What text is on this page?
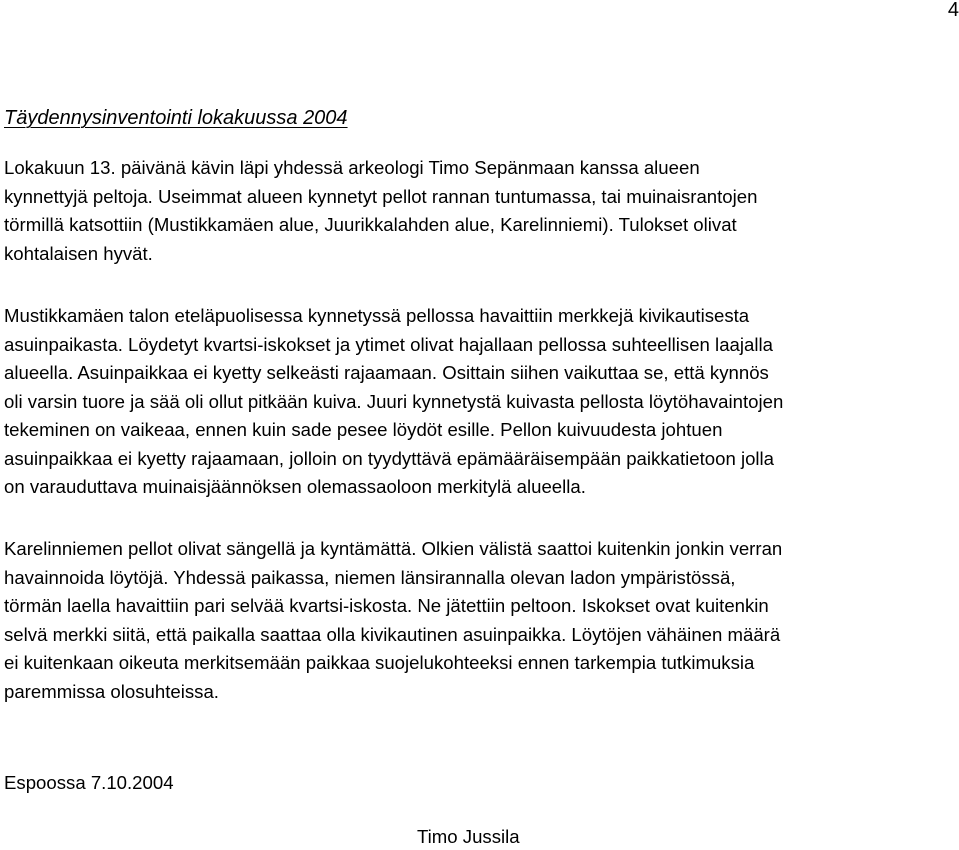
4
Täydennysinventointi lokakuussa 2004

Lokakuun 13. päivänä kävin läpi yhdessä arkeologi Timo Sepänmaan kanssa alueen
kynnettyjä peltoja. Useimmat alueen kynnetyt pellot rannan tuntumassa, tai muinaisrantojen
törmillä katsottiin (Mustikkamäen alue, Juurikkalahden alue, Karelinniemi). Tulokset olivat
kohtalaisen hyvät.

Mustikkamäen talon eteläpuolisessa kynnetyssä pellossa havaittiin merkkejä kivikautisesta
asuinpaikasta. Löydetyt kvartsi-iskokset ja ytimet olivat hajallaan pellossa suhteellisen laajalla
alueella. Asuinpaikkaa ei kyetty selkeästi rajaamaan. Osittain siihen vaikuttaa se, että kynnös
oli varsin tuore ja sää oli ollut pitkään kuiva. Juuri kynnetystä kuivasta pellosta löytöhavaintojen
tekeminen on vaikeaa, ennen kuin sade pesee löydöt esille. Pellon kuivuudesta johtuen
asuinpaikkaa ei kyetty rajaamaan, jolloin on tyydyttävä epämääräisempään paikkatietoon jolla
on varauduttava muinaisjäännöksen olemassaoloon merkitylä alueella.

Karelinniemen pellot olivat sängellä ja kyntämättä. Olkien välistä saattoi kuitenkin jonkin verran
havainnoida löytöjä. Yhdessä paikassa, niemen länsirannalla olevan ladon ympäristössä,
törmän laella havaittiin pari selvää kvartsi-iskosta. Ne jätettiin peltoon. Iskokset ovat kuitenkin
selvä merkki siitä, että paikalla saattaa olla kivikautinen asuinpaikka. Löytöjen vähäinen määrä
ei kuitenkaan oikeuta merkitsemään paikkaa suojelukohteeksi ennen tarkempia tutkimuksia
paremmissa olosuhteissa.

Espoossa 7.10.2004

Timo Jussila
